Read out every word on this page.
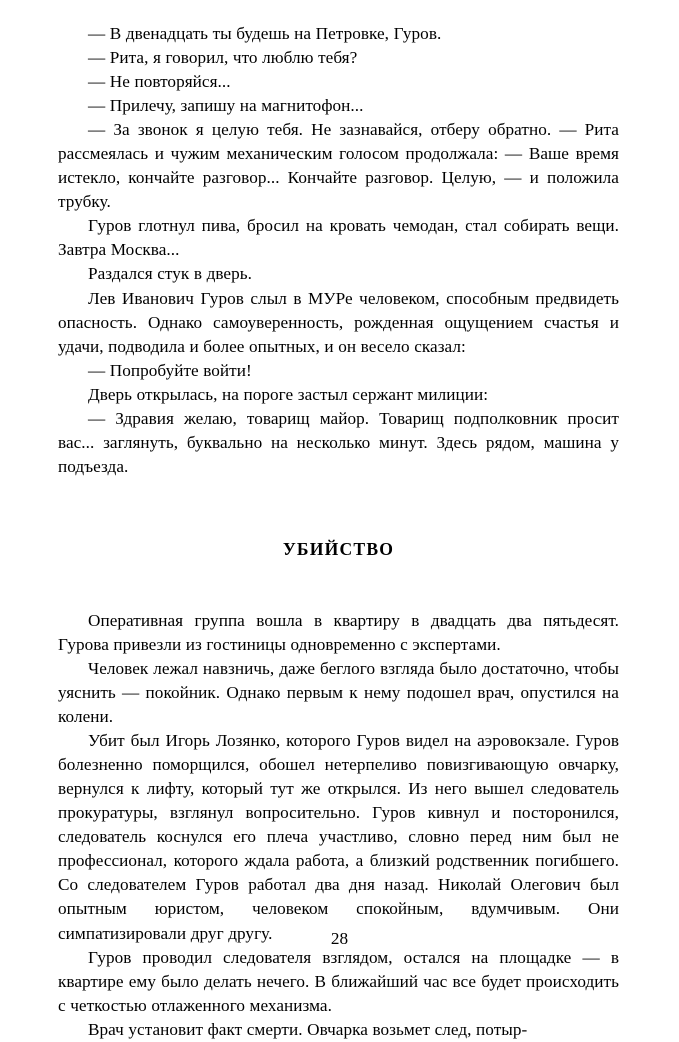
— В двенадцать ты будешь на Петровке, Гуров.

— Рита, я говорил, что люблю тебя?

— Не повторяйся...

— Прилечу, запишу на магнитофон...

— За звонок я целую тебя. Не зазнавайся, отберу обратно. — Рита рассмеялась и чужим механическим голосом продолжала: — Ваше время истекло, кончайте разговор... Кончайте разговор. Целую, — и положила трубку.

Гуров глотнул пива, бросил на кровать чемодан, стал собирать вещи. Завтра Москва...

Раздался стук в дверь.

Лев Иванович Гуров слыл в МУРе человеком, способным предвидеть опасность. Однако самоуверенность, рожденная ощущением счастья и удачи, подводила и более опытных, и он весело сказал:

— Попробуйте войти!

Дверь открылась, на пороге застыл сержант милиции:

— Здравия желаю, товарищ майор. Товарищ подполковник просит вас... заглянуть, буквально на несколько минут. Здесь рядом, машина у подъезда.

УБИЙСТВО

Оперативная группа вошла в квартиру в двадцать два пятьдесят. Гурова привезли из гостиницы одновременно с экспертами.

Человек лежал навзничь, даже беглого взгляда было достаточно, чтобы уяснить — покойник. Однако первым к нему подошел врач, опустился на колени.

Убит был Игорь Лозянко, которого Гуров видел на аэровокзале. Гуров болезненно поморщился, обошел нетерпеливо повизгивающую овчарку, вернулся к лифту, который тут же открылся. Из него вышел следователь прокуратуры, взглянул вопросительно. Гуров кивнул и посторонился, следователь коснулся его плеча участливо, словно перед ним был не профессионал, которого ждала работа, а близкий родственник погибшего. Со следователем Гуров работал два дня назад. Николай Олегович был опытным юристом, человеком спокойным, вдумчивым. Они симпатизировали друг другу.

Гуров проводил следователя взглядом, остался на площадке — в квартире ему было делать нечего. В ближайший час все будет происходить с четкостью отлаженного механизма.

Врач установит факт смерти. Овчарка возьмет след, потыр-

28
